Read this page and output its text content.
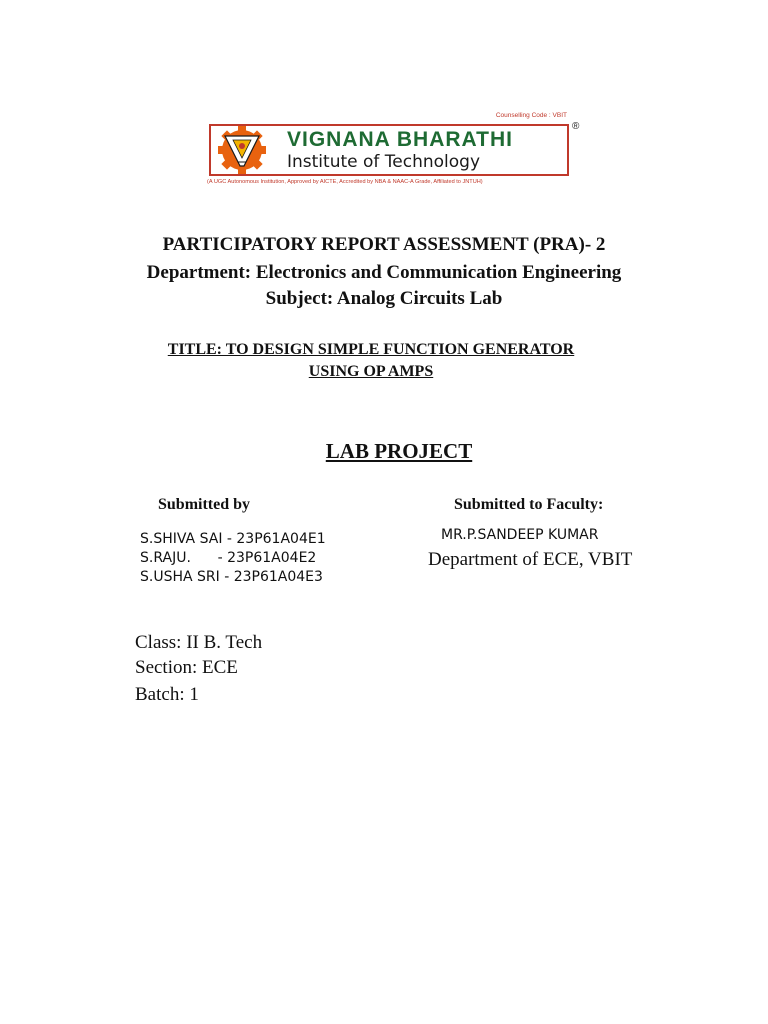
Counselling Code : VBIT
VIGNANA BHARATHI
Institute of Technology
®
(A UGC Autonomous Institution, Approved by AICTE, Accredited by NBA & NAAC-A Grade, Affiliated to JNTUH)
PARTICIPATORY REPORT ASSESSMENT (PRA)- 2
Department: Electronics and Communication Engineering
Subject: Analog Circuits Lab
TITLE: TO DESIGN SIMPLE FUNCTION GENERATOR
USING OP AMPS
LAB PROJECT
Submitted by
S.SHIVA SAI - 23P61A04E1
S.RAJU.      - 23P61A04E2
S.USHA SRI - 23P61A04E3
Submitted to Faculty:
MR.P.SANDEEP KUMAR
Department of ECE, VBIT
Class: II B. Tech
Section: ECE
Batch: 1
